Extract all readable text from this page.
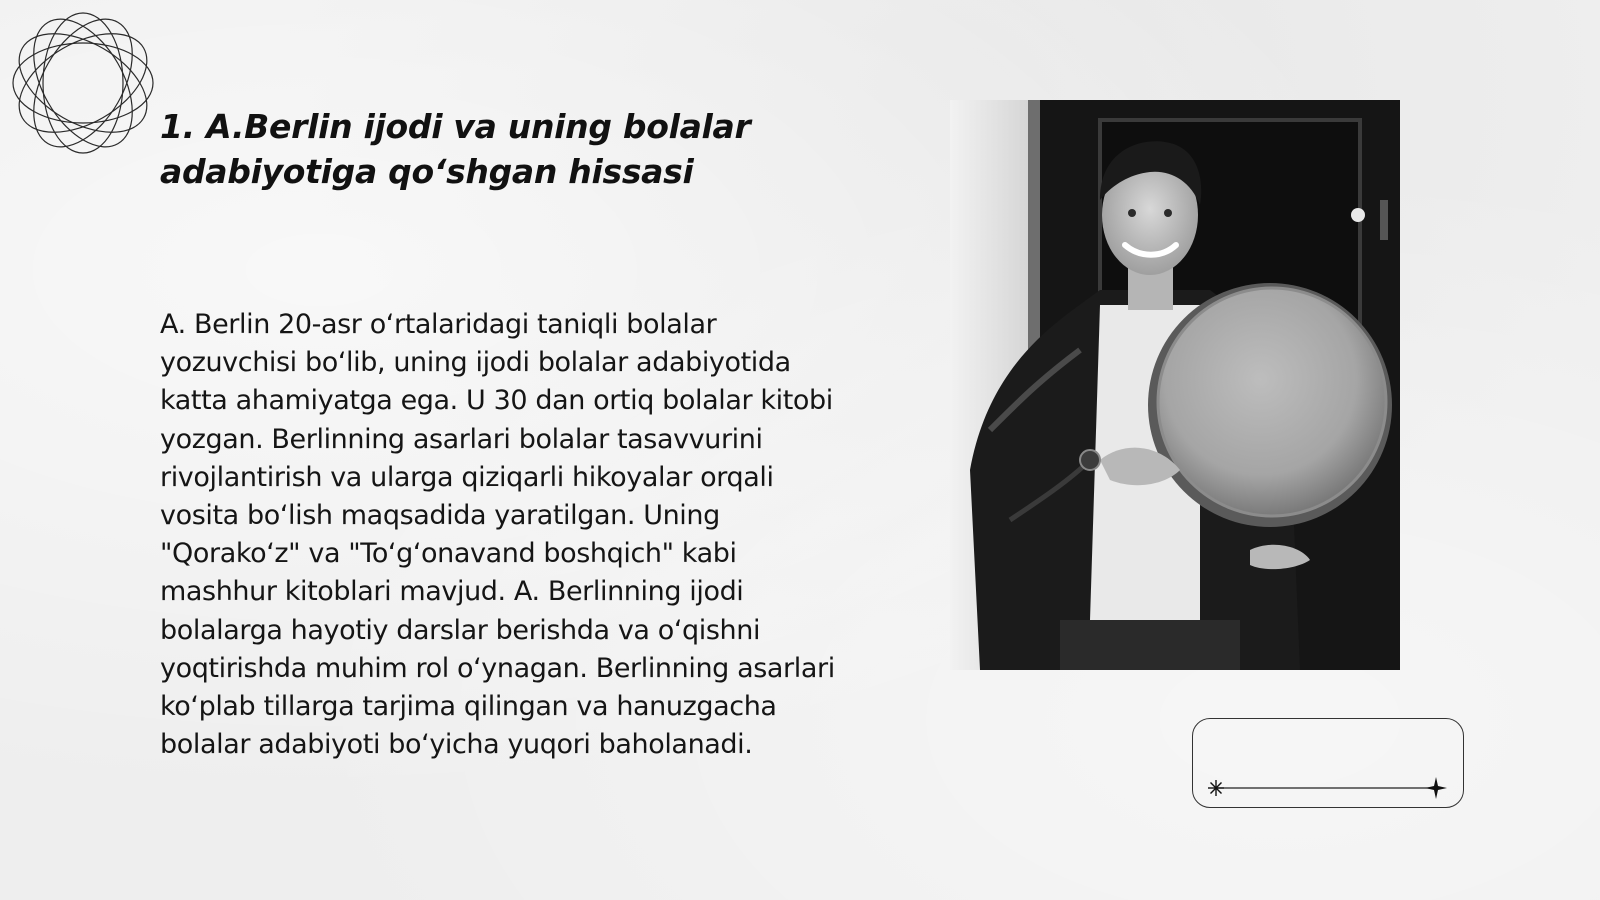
1. A.Berlin ijodi va uning bolalar adabiyotiga qo‘shgan hissasi

A. Berlin 20-asr o‘rtalaridagi taniqli bolalar yozuvchisi bo‘lib, uning ijodi bolalar adabiyotida katta ahamiyatga ega. U 30 dan ortiq bolalar kitobi yozgan. Berlinning asarlari bolalar tasavvurini rivojlantirish va ularga qiziqarli hikoyalar orqali vosita bo‘lish maqsadida yaratilgan. Uning "Qorako‘z" va "To‘g‘onavand boshqich" kabi mashhur kitoblari mavjud. A. Berlinning ijodi bolalarga hayotiy darslar berishda va o‘qishni yoqtirishda muhim rol o‘ynagan. Berlinning asarlari ko‘plab tillarga tarjima qilingan va hanuzgacha bolalar adabiyoti bo‘yicha yuqori baholanadi.
